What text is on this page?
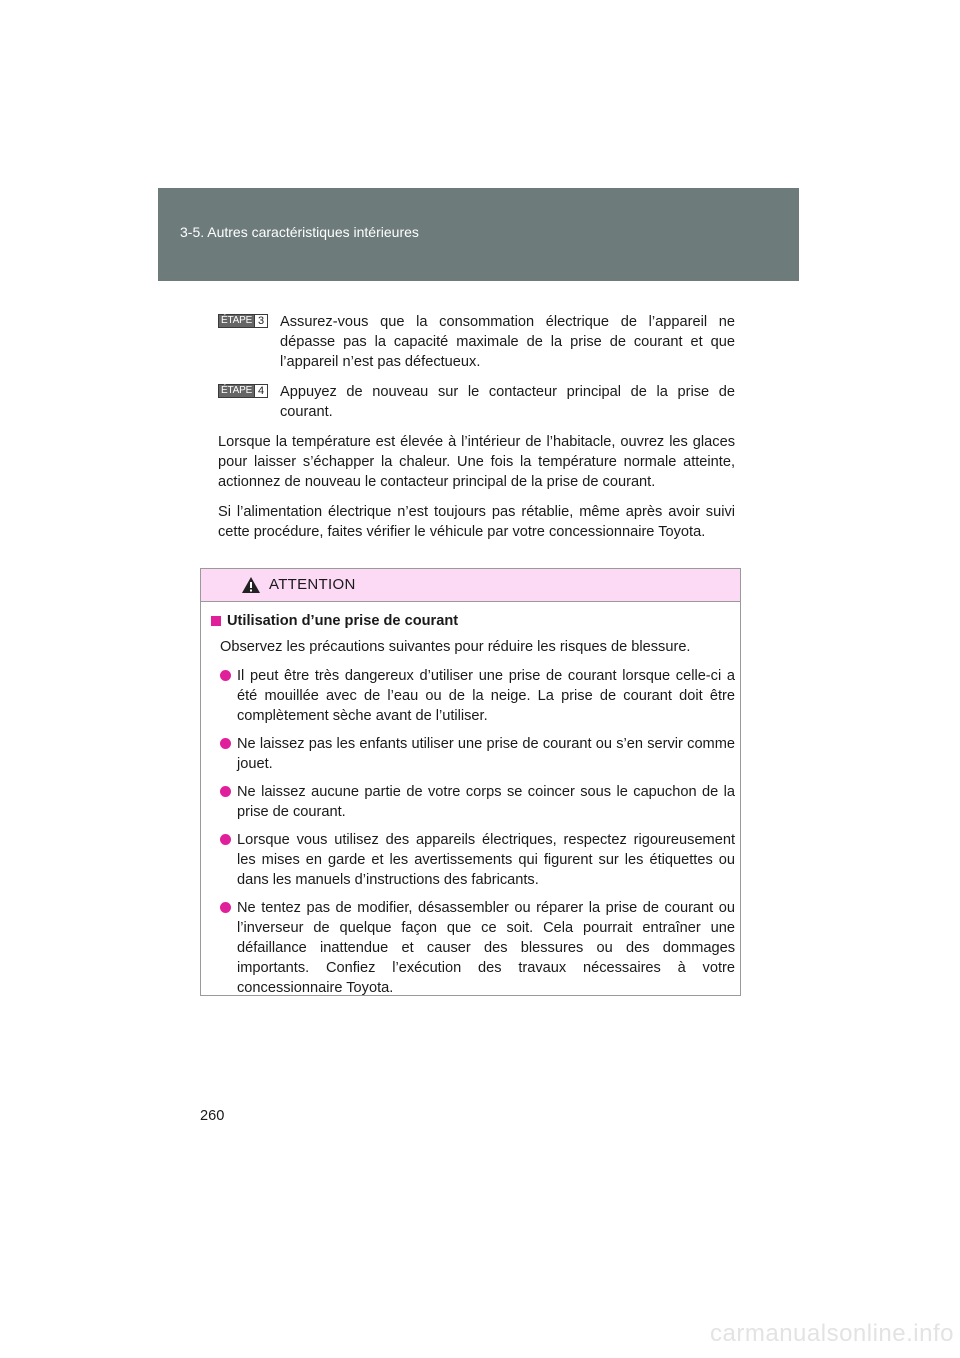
3-5. Autres caractéristiques intérieures
ÉTAPE 3 Assurez-vous que la consommation électrique de l’appareil ne dépasse pas la capacité maximale de la prise de courant et que l’appareil n’est pas défectueux.
ÉTAPE 4 Appuyez de nouveau sur le contacteur principal de la prise de courant.

Lorsque la température est élevée à l’intérieur de l’habitacle, ouvrez les glaces pour laisser s’échapper la chaleur. Une fois la température normale atteinte, actionnez de nouveau le contacteur principal de la prise de courant.

Si l’alimentation électrique n’est toujours pas rétablie, même après avoir suivi cette procédure, faites vérifier le véhicule par votre concessionnaire Toyota.

ATTENTION
Utilisation d’une prise de courant
Observez les précautions suivantes pour réduire les risques de blessure.
Il peut être très dangereux d’utiliser une prise de courant lorsque celle-ci a été mouillée avec de l’eau ou de la neige. La prise de courant doit être complètement sèche avant de l’utiliser.
Ne laissez pas les enfants utiliser une prise de courant ou s’en servir comme jouet.
Ne laissez aucune partie de votre corps se coincer sous le capuchon de la prise de courant.
Lorsque vous utilisez des appareils électriques, respectez rigoureusement les mises en garde et les avertissements qui figurent sur les étiquettes ou dans les manuels d’instructions des fabricants.
Ne tentez pas de modifier, désassembler ou réparer la prise de courant ou l’inverseur de quelque façon que ce soit. Cela pourrait entraîner une défaillance inattendue et causer des blessures ou des dommages importants. Confiez l’exécution des travaux nécessaires à votre concessionnaire Toyota.
260
carmanualsonline.info
